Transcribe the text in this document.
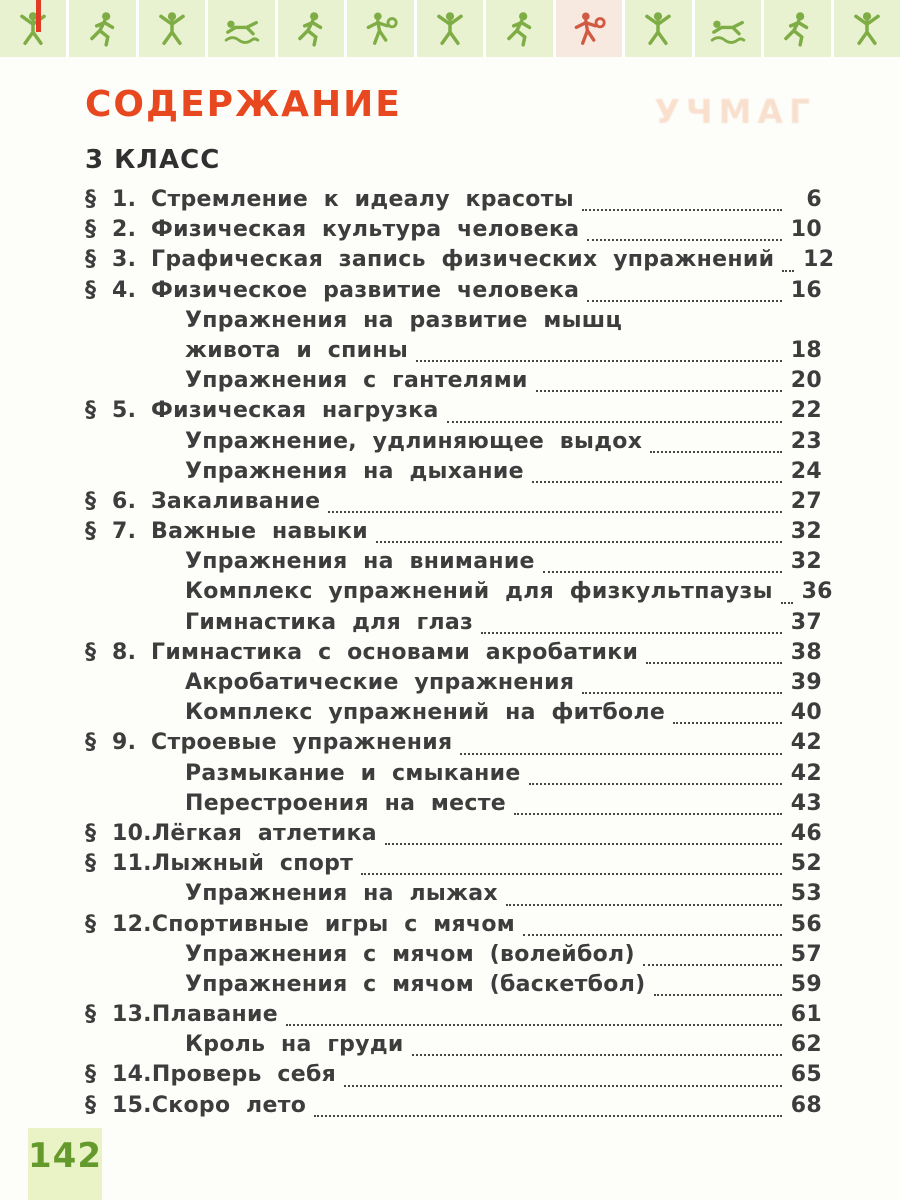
УЧМАГ
СОДЕРЖАНИЕ
3 КЛАСС
§ 1. Стремление к идеалу красоты	6
§ 2. Физическая культура человека	10
§ 3. Графическая запись физических упражнений 12
§ 4. Физическое развитие человека	16
Упражнения на развитие мышц
живота и спины	18
Упражнения с гантелями	20
§ 5. Физическая нагрузка	22
Упражнение, удлиняющее выдох	23
Упражнения на дыхание	24
§ 6. Закаливание	27
§ 7. Важные навыки	32
Упражнения на внимание	32
Комплекс упражнений для физкультпаузы 36
Гимнастика для глаз	37
§ 8. Гимнастика с основами акробатики	38
Акробатические упражнения	39
Комплекс упражнений на фитболе	40
§ 9. Строевые упражнения	42
Размыкание и смыкание	42
Перестроения на месте	43
§ 10. Лёгкая атлетика	46
§ 11. Лыжный спорт	52
Упражнения на лыжах	53
§ 12. Спортивные игры с мячом	56
Упражнения с мячом (волейбол)	57
Упражнения с мячом (баскетбол)	59
§ 13. Плавание	61
Кроль на груди	62
§ 14. Проверь себя	65
§ 15. Скоро лето	68
142
